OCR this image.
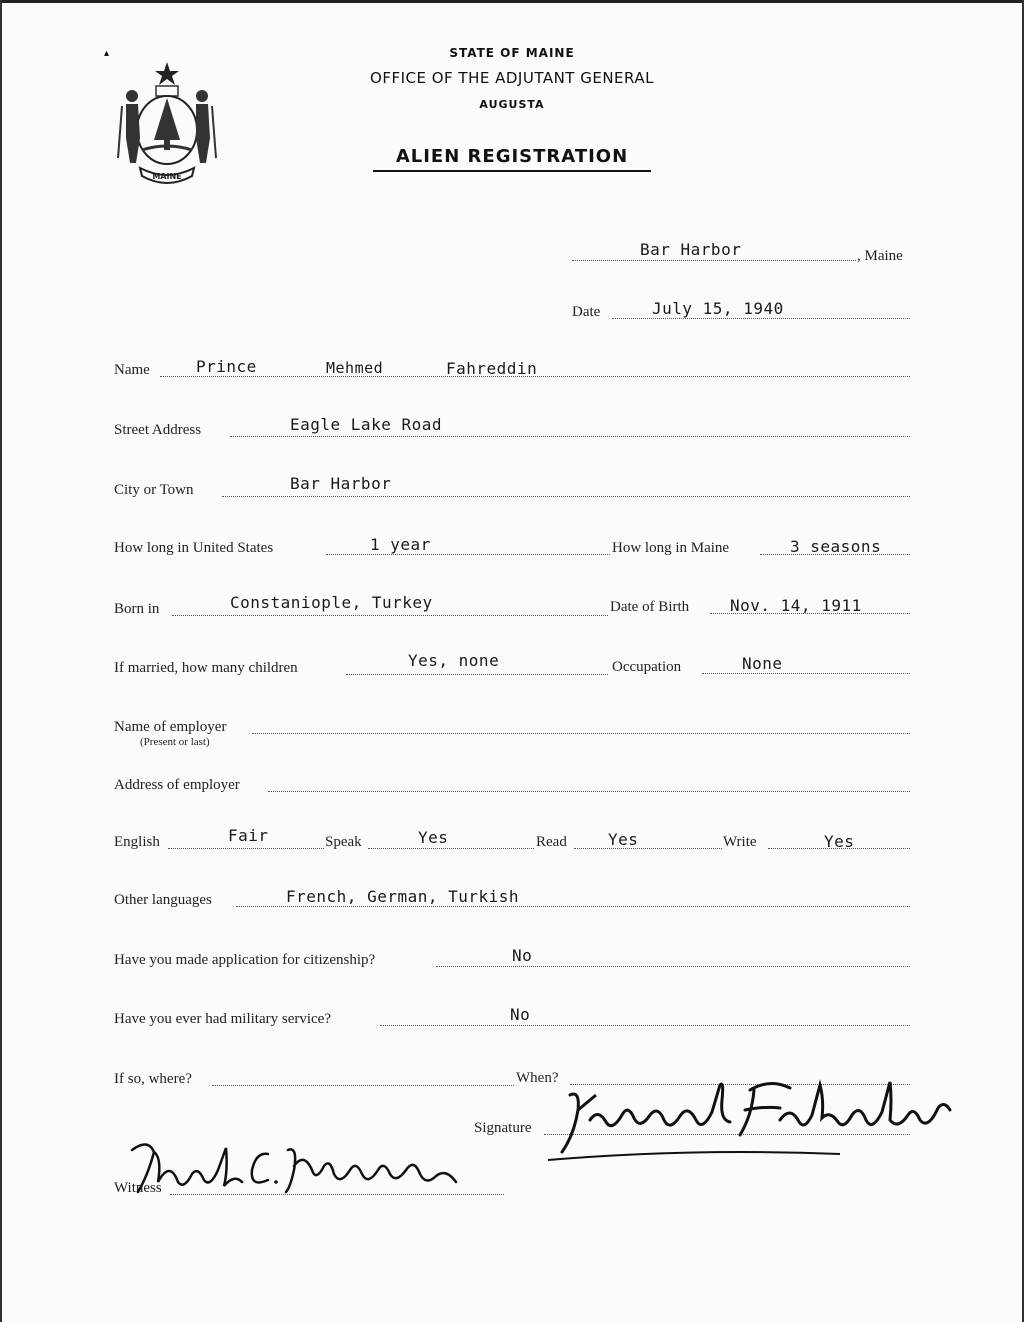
▴
MAINE
STATE OF MAINE
OFFICE OF THE ADJUTANT GENERAL
AUGUSTA
ALIEN REGISTRATION
Bar Harbor	, Maine
Date	July 15, 1940
Name	Prince	Mehmed	Fahreddin
Street Address	Eagle Lake Road
City or Town	Bar Harbor
How long in United States	1 year	How long in Maine	3 seasons
Born in	Constaniople, Turkey	Date of Birth	Nov. 14, 1911
If married, how many children	Yes, none	Occupation	None
Name of employer
(Present or last)
Address of employer
English	Fair	Speak	Yes	Read	Yes	Write	Yes
Other languages	French, German, Turkish
Have you made application for citizenship?	No
Have you ever had military service?	No
If so, where?	When?
Signature
Mehmed Fahreddin
Witness
Mark C. Morrison
